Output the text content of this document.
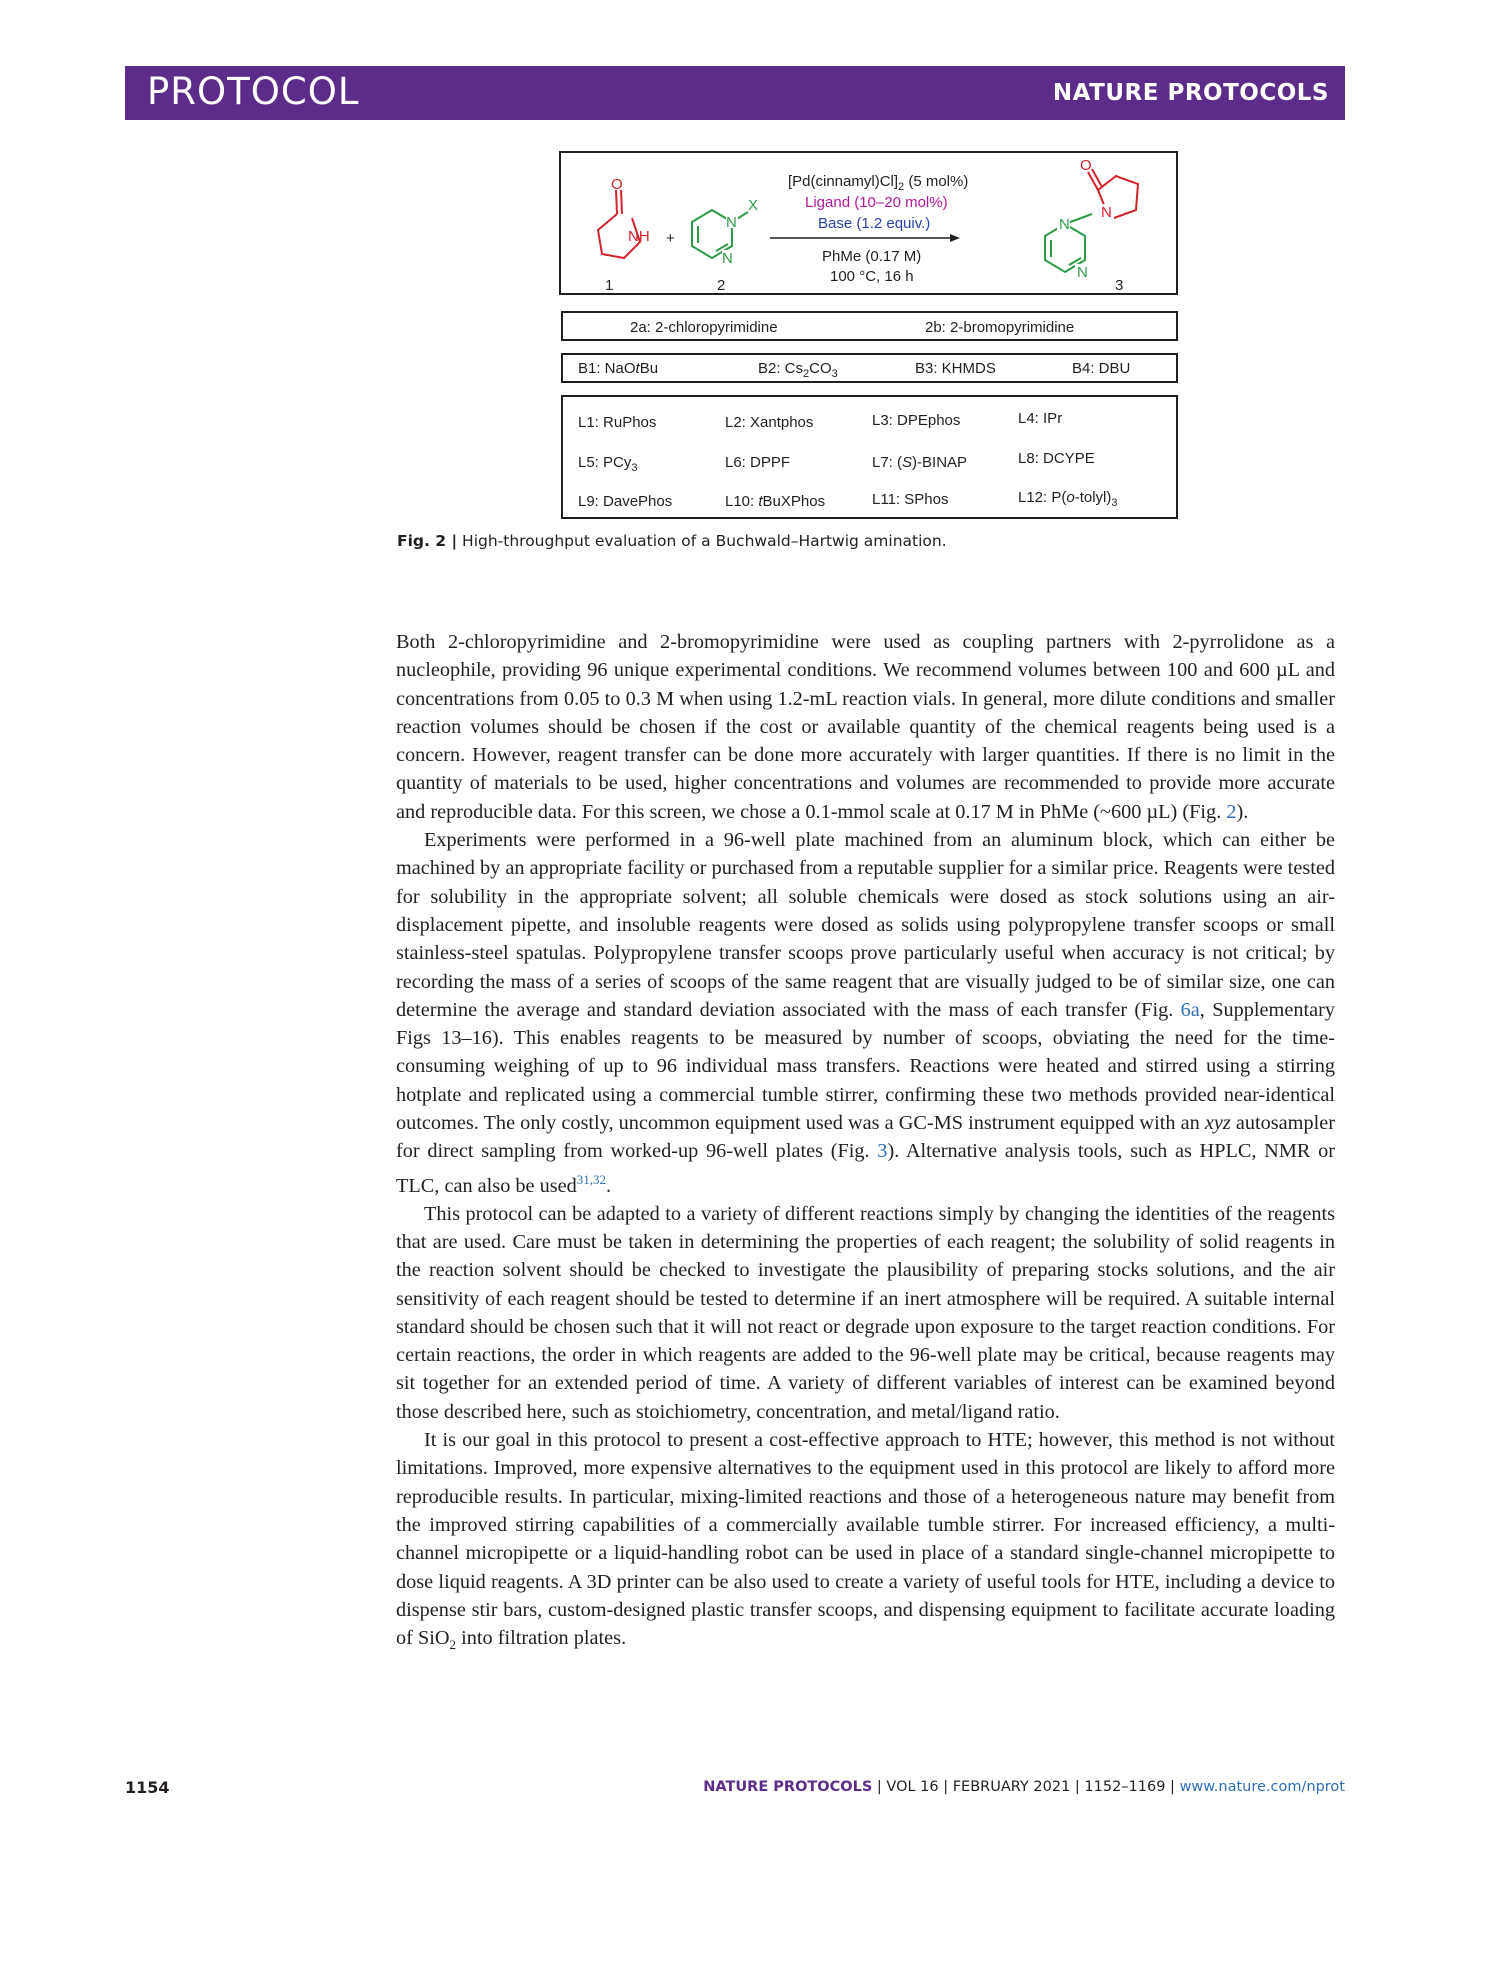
PROTOCOL	NATURE PROTOCOLS
O
NH
1
+
N
N
X
2
$[Pd(cinnamyl)Cl]_2$ (5 mol%)
Ligand (10–20 mol%)
Base (1.2 equiv.)
PhMe (0.17 M)
100 °C, 16 h
N
N
N
O
3
2a: 2-chloropyrimidine	2b: 2-bromopyrimidine
B1: NaOtBu	B2: $Cs_2CO_3$	B3: KHMDS	B4: DBU
L1: RuPhos	L2: Xantphos	L3: DPEphos	L4: IPr
L5: PCy$_3$	L6: DPPF	L7: (S)-BINAP	L8: DCYPE
L9: DavePhos	L10: tBuXPhos	L11: SPhos	L12: $P(o-tolyl)_3$
Fig. 2 | High-throughput evaluation of a Buchwald–Hartwig amination.

Both 2-chloropyrimidine and 2-bromopyrimidine were used as coupling partners with 2-pyrrolidone as a nucleophile, providing 96 unique experimental conditions. We recommend volumes between 100 and 600 µL and concentrations from 0.05 to 0.3 M when using 1.2-mL reaction vials. In general, more dilute conditions and smaller reaction volumes should be chosen if the cost or available quantity of the chemical reagents being used is a concern. However, reagent transfer can be done more accurately with larger quantities. If there is no limit in the quantity of materials to be used, higher concentrations and volumes are recommended to provide more accurate and reproducible data. For this screen, we chose a 0.1-mmol scale at 0.17 M in PhMe (~600 µL) (Fig. 2).

Experiments were performed in a 96-well plate machined from an aluminum block, which can either be machined by an appropriate facility or purchased from a reputable supplier for a similar price. Reagents were tested for solubility in the appropriate solvent; all soluble chemicals were dosed as stock solutions using an air-displacement pipette, and insoluble reagents were dosed as solids using polypropylene transfer scoops or small stainless-steel spatulas. Polypropylene transfer scoops prove particularly useful when accuracy is not critical; by recording the mass of a series of scoops of the same reagent that are visually judged to be of similar size, one can determine the average and standard deviation associated with the mass of each transfer (Fig. 6a, Supplementary Figs 13–16). This enables reagents to be measured by number of scoops, obviating the need for the time-consuming weighing of up to 96 individual mass transfers. Reactions were heated and stirred using a stirring hotplate and replicated using a commercial tumble stirrer, confirming these two methods provided near-identical outcomes. The only costly, uncommon equipment used was a GC-MS instrument equipped with an xyz autosampler for direct sampling from worked-up 96-well plates (Fig. 3). Alternative analysis tools, such as HPLC, NMR or TLC, can also be used$^{31,32}$.

This protocol can be adapted to a variety of different reactions simply by changing the identities of the reagents that are used. Care must be taken in determining the properties of each reagent; the solubility of solid reagents in the reaction solvent should be checked to investigate the plausibility of preparing stocks solutions, and the air sensitivity of each reagent should be tested to determine if an inert atmosphere will be required. A suitable internal standard should be chosen such that it will not react or degrade upon exposure to the target reaction conditions. For certain reactions, the order in which reagents are added to the 96-well plate may be critical, because reagents may sit together for an extended period of time. A variety of different variables of interest can be examined beyond those described here, such as stoichiometry, concentration, and metal/ligand ratio.

It is our goal in this protocol to present a cost-effective approach to HTE; however, this method is not without limitations. Improved, more expensive alternatives to the equipment used in this protocol are likely to afford more reproducible results. In particular, mixing-limited reactions and those of a heterogeneous nature may benefit from the improved stirring capabilities of a commercially available tumble stirrer. For increased efficiency, a multi-channel micropipette or a liquid-handling robot can be used in place of a standard single-channel micropipette to dose liquid reagents. A 3D printer can be also used to create a variety of useful tools for HTE, including a device to dispense stir bars, custom-designed plastic transfer scoops, and dispensing equipment to facilitate accurate loading of SiO$_2$ into filtration plates.

1154	NATURE PROTOCOLS | VOL 16 | FEBRUARY 2021 | 1152–1169 | www.nature.com/nprot
